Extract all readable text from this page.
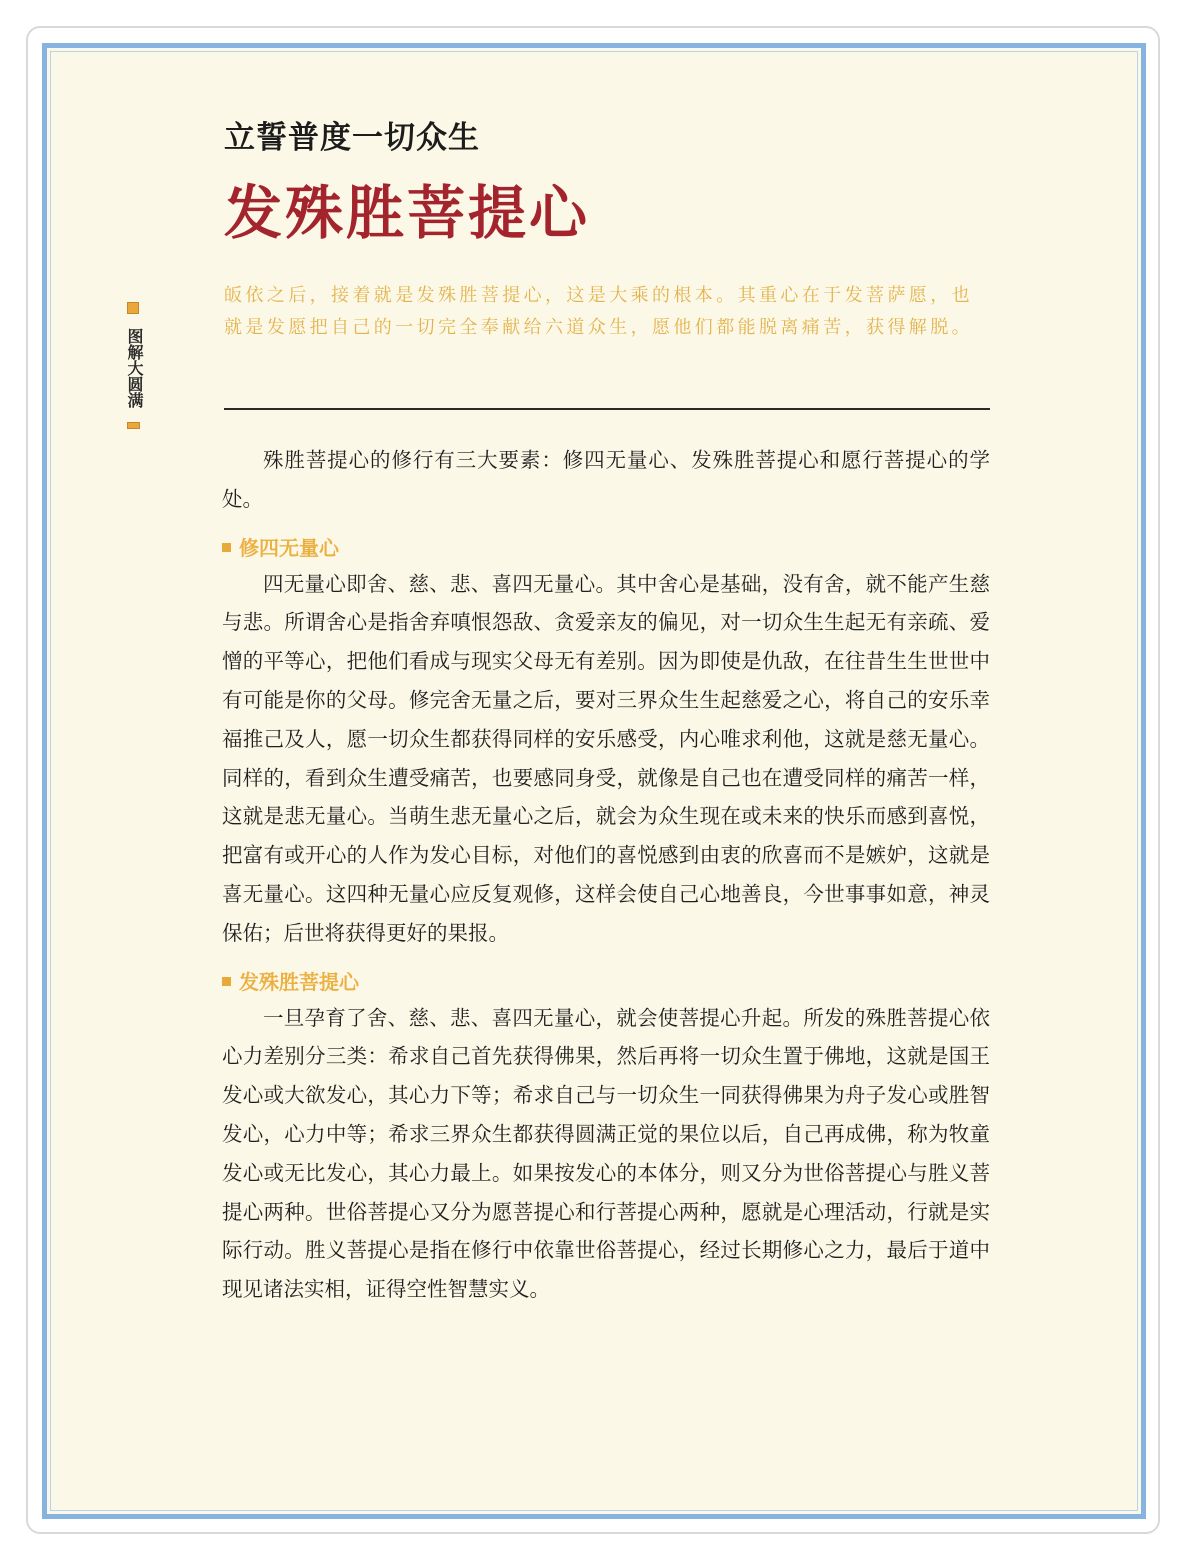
图解大圆满
立誓普度一切众生
发殊胜菩提心

皈依之后，接着就是发殊胜菩提心，这是大乘的根本。其重心在于发菩萨愿，也就是发愿把自己的一切完全奉献给六道众生，愿他们都能脱离痛苦，获得解脱。

殊胜菩提心的修行有三大要素：修四无量心、发殊胜菩提心和愿行菩提心的学处。

修四无量心

四无量心即舍、慈、悲、喜四无量心。其中舍心是基础，没有舍，就不能产生慈与悲。所谓舍心是指舍弃嗔恨怨敌、贪爱亲友的偏见，对一切众生生起无有亲疏、爱憎的平等心，把他们看成与现实父母无有差别。因为即使是仇敌，在往昔生生世世中有可能是你的父母。修完舍无量之后，要对三界众生生起慈爱之心，将自己的安乐幸福推己及人，愿一切众生都获得同样的安乐感受，内心唯求利他，这就是慈无量心。同样的，看到众生遭受痛苦，也要感同身受，就像是自己也在遭受同样的痛苦一样，这就是悲无量心。当萌生悲无量心之后，就会为众生现在或未来的快乐而感到喜悦，把富有或开心的人作为发心目标，对他们的喜悦感到由衷的欣喜而不是嫉妒，这就是喜无量心。这四种无量心应反复观修，这样会使自己心地善良，今世事事如意，神灵保佑；后世将获得更好的果报。

发殊胜菩提心

一旦孕育了舍、慈、悲、喜四无量心，就会使菩提心升起。所发的殊胜菩提心依心力差别分三类：希求自己首先获得佛果，然后再将一切众生置于佛地，这就是国王发心或大欲发心，其心力下等；希求自己与一切众生一同获得佛果为舟子发心或胜智发心，心力中等；希求三界众生都获得圆满正觉的果位以后，自己再成佛，称为牧童发心或无比发心，其心力最上。如果按发心的本体分，则又分为世俗菩提心与胜义菩提心两种。世俗菩提心又分为愿菩提心和行菩提心两种，愿就是心理活动，行就是实际行动。胜义菩提心是指在修行中依靠世俗菩提心，经过长期修心之力，最后于道中现见诸法实相，证得空性智慧实义。
